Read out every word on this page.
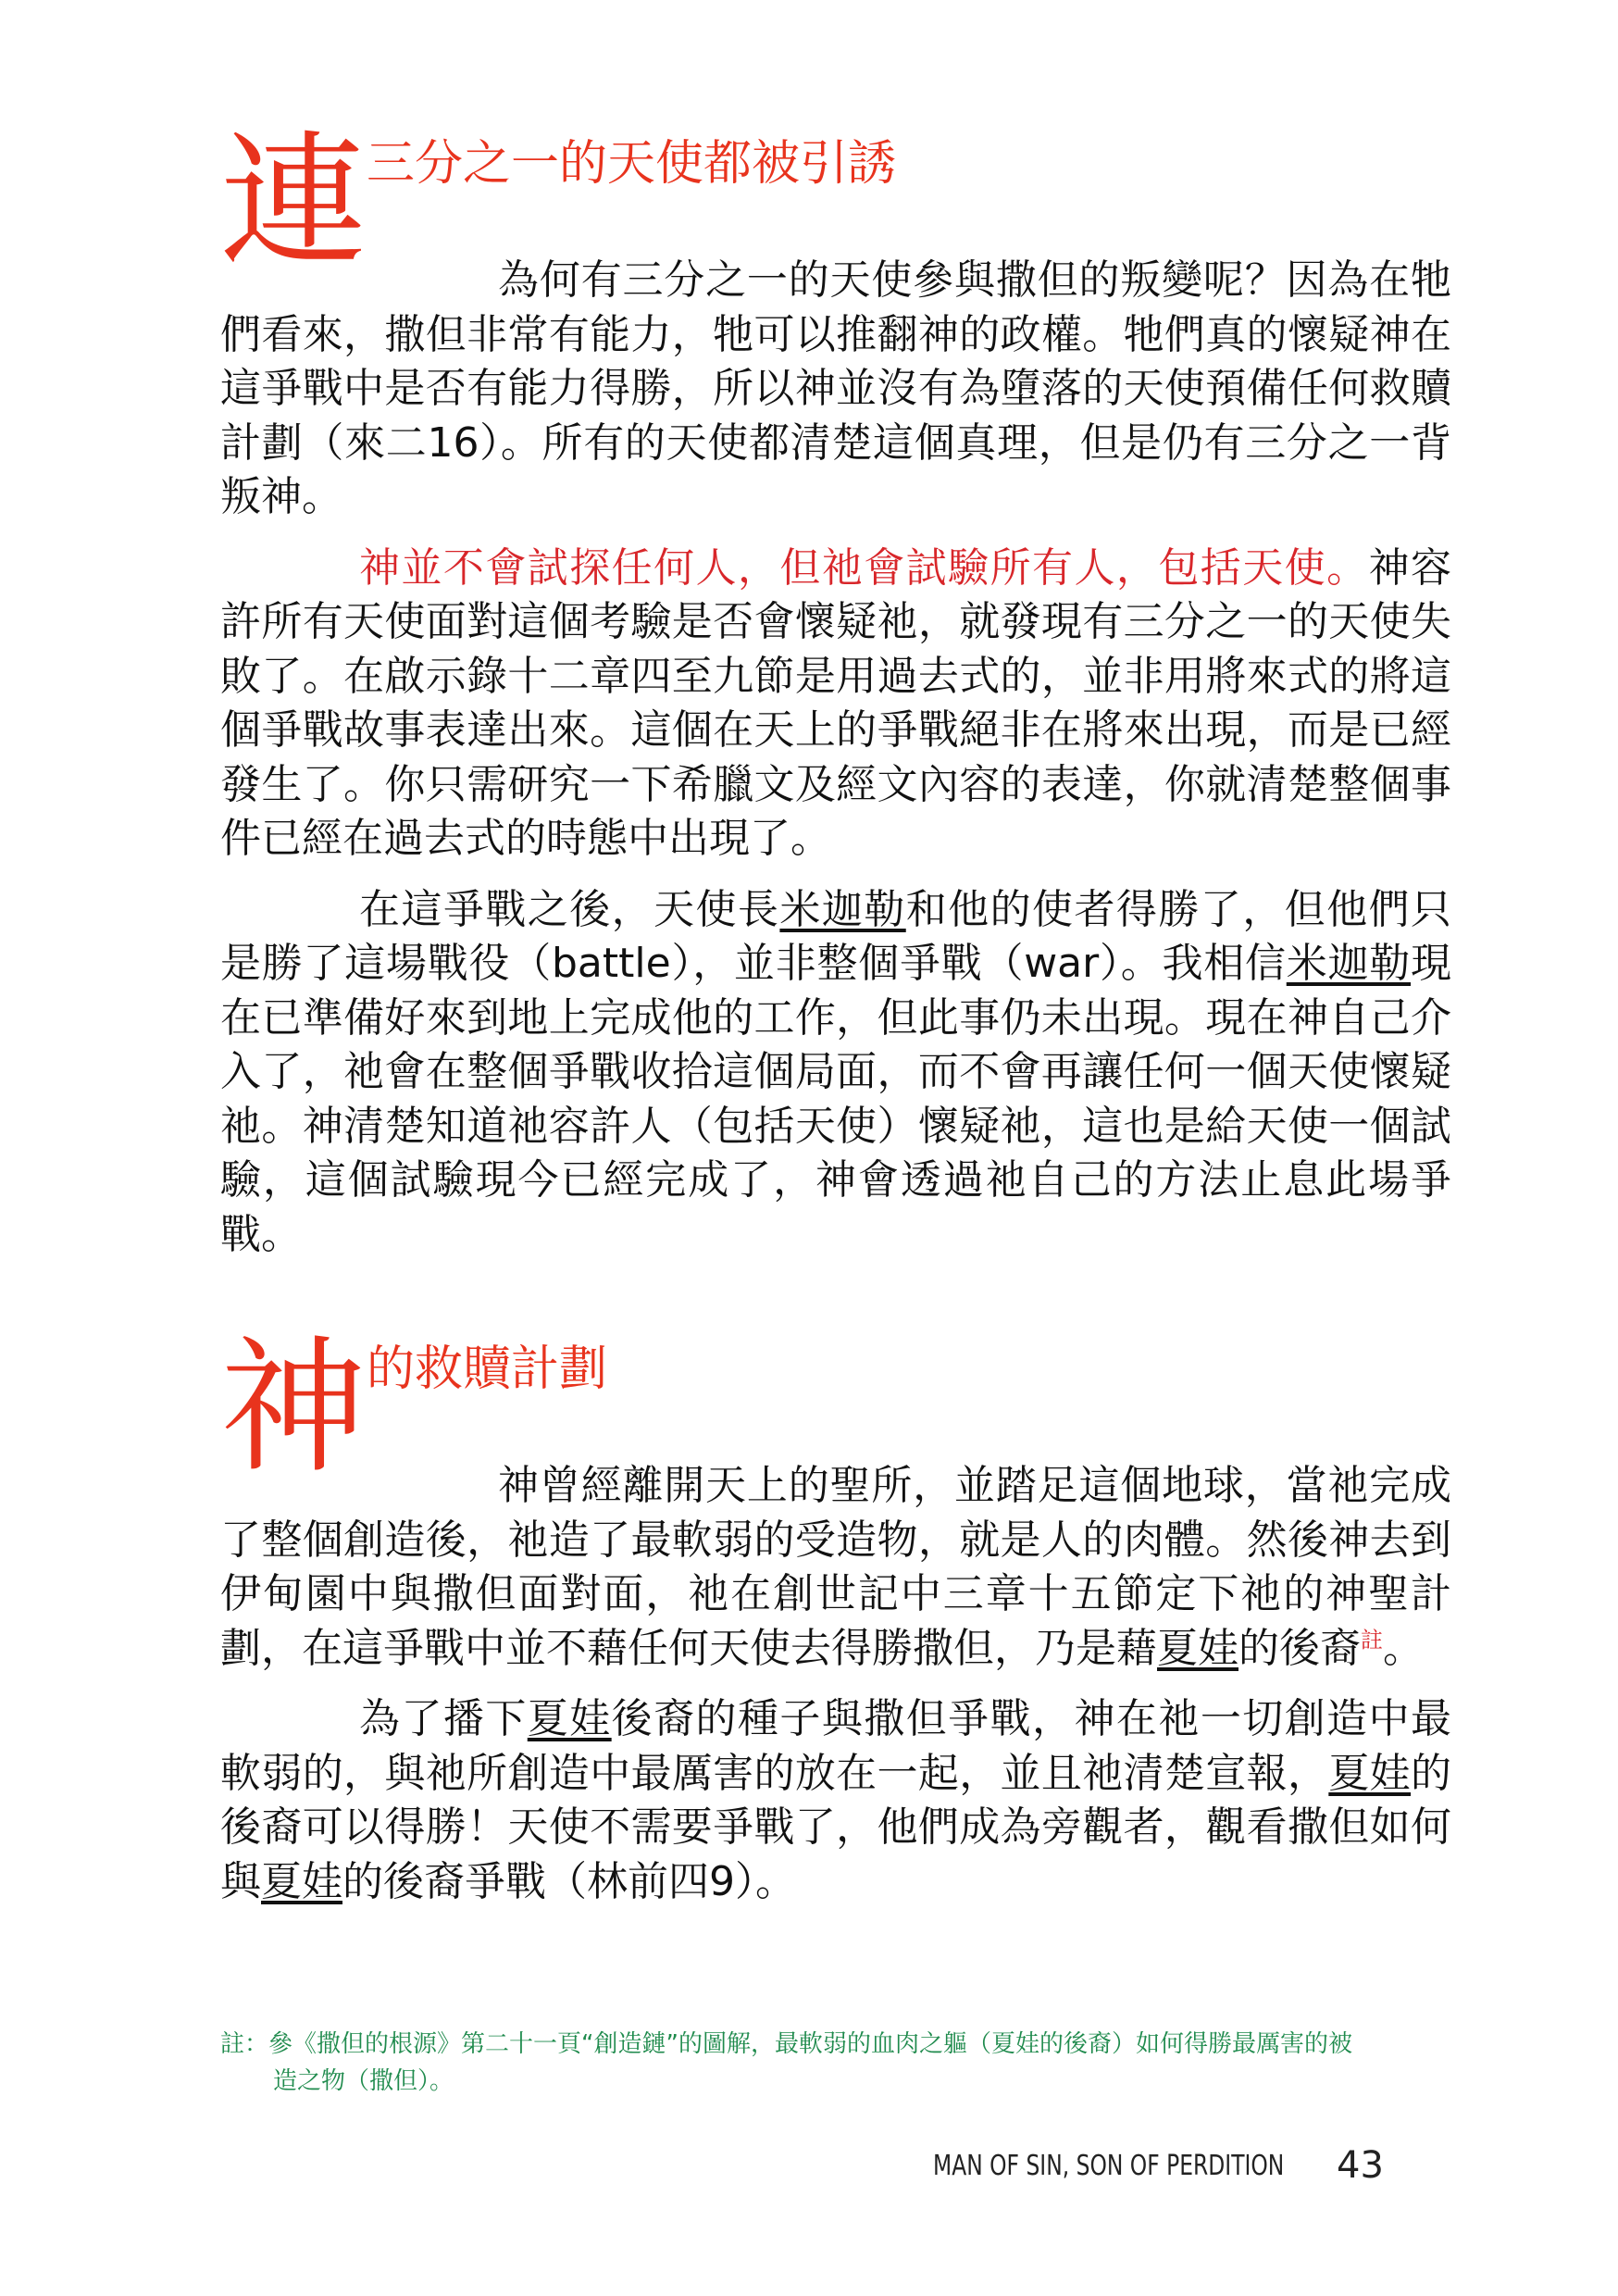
連 三分之一的天使都被引誘

為何有三分之一的天使參與撒但的叛變呢？因為在牠們看來，撒但非常有能力，牠可以推翻神的政權。牠們真的懷疑神在這爭戰中是否有能力得勝，所以神並沒有為墮落的天使預備任何救贖計劃（來二16）。所有的天使都清楚這個真理，但是仍有三分之一背叛神。

神並不會試探任何人，但祂會試驗所有人，包括天使。神容許所有天使面對這個考驗是否會懷疑祂，就發現有三分之一的天使失敗了。在啟示錄十二章四至九節是用過去式的，並非用將來式的將這個爭戰故事表達出來。這個在天上的爭戰絕非在將來出現，而是已經發生了。你只需研究一下希臘文及經文內容的表達，你就清楚整個事件已經在過去式的時態中出現了。

在這爭戰之後，天使長米迦勒和他的使者得勝了，但他們只是勝了這場戰役（battle），並非整個爭戰（war）。我相信米迦勒現在已準備好來到地上完成他的工作，但此事仍未出現。現在神自己介入了，祂會在整個爭戰收拾這個局面，而不會再讓任何一個天使懷疑祂。神清楚知道祂容許人（包括天使）懷疑祂，這也是給天使一個試驗，這個試驗現今已經完成了，神會透過祂自己的方法止息此場爭戰。

神 的救贖計劃

神曾經離開天上的聖所，並踏足這個地球，當祂完成了整個創造後，祂造了最軟弱的受造物，就是人的肉體。然後神去到伊甸園中與撒但面對面，祂在創世記中三章十五節定下祂的神聖計劃，在這爭戰中並不藉任何天使去得勝撒但，乃是藉夏娃的後裔$^註$。

為了播下夏娃後裔的種子與撒但爭戰，神在祂一切創造中最軟弱的，與祂所創造中最厲害的放在一起，並且祂清楚宣報，夏娃的後裔可以得勝！天使不需要爭戰了，他們成為旁觀者，觀看撒但如何與夏娃的後裔爭戰（林前四9）。

註：參《撒但的根源》第二十一頁“創造鏈”的圖解，最軟弱的血肉之軀（夏娃的後裔）如何得勝最厲害的被
造之物（撒但）。
MAN OF SIN, SON OF PERDITION 43
